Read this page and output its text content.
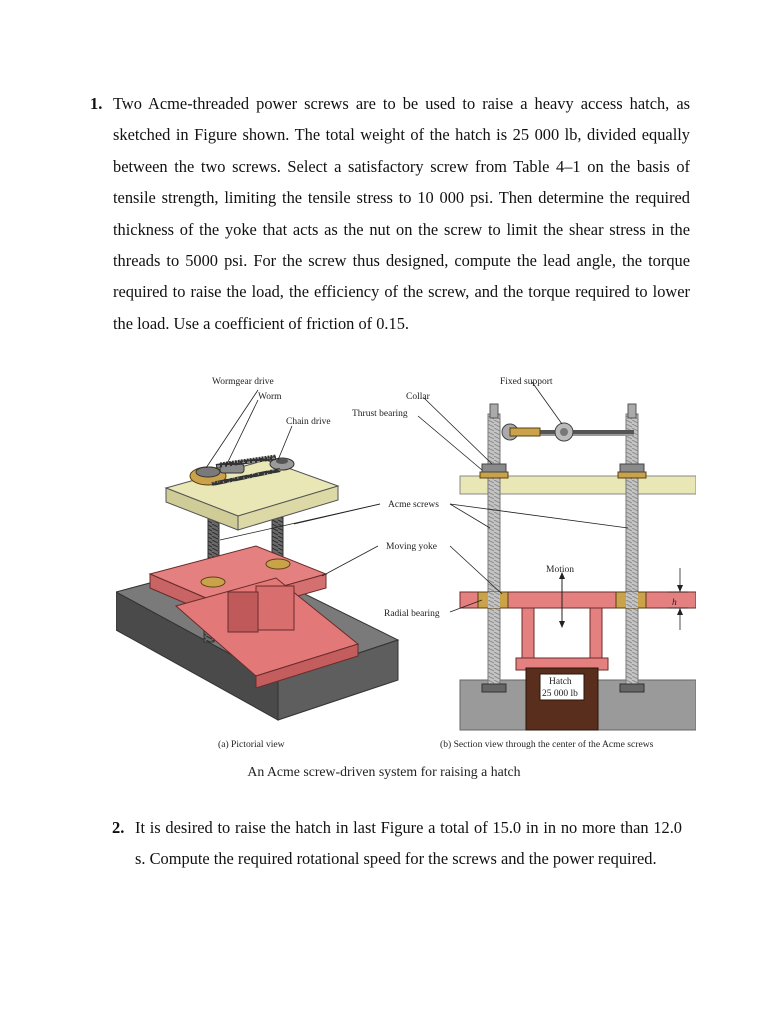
1. Two Acme-threaded power screws are to be used to raise a heavy access hatch, as sketched in Figure shown. The total weight of the hatch is 25 000 lb, divided equally between the two screws. Select a satisfactory screw from Table 4–1 on the basis of tensile strength, limiting the tensile stress to 10 000 psi. Then determine the required thickness of the yoke that acts as the nut on the screw to limit the shear stress in the threads to 5000 psi. For the screw thus designed, compute the lead angle, the torque required to raise the load, the efficiency of the screw, and the torque required to lower the load. Use a coefficient of friction of 0.15.
Wormgear drive
Worm
Chain drive
Thrust bearing
Collar
Fixed support
Acme screws
Moving yoke
Motion
h
Radial bearing
Hatch
25 000 lb
(a) Pictorial view	(b) Section view through the center of the Acme screws
An Acme screw-driven system for raising a hatch
2. It is desired to raise the hatch in last Figure a total of 15.0 in in no more than 12.0 s. Compute the required rotational speed for the screws and the power required.
